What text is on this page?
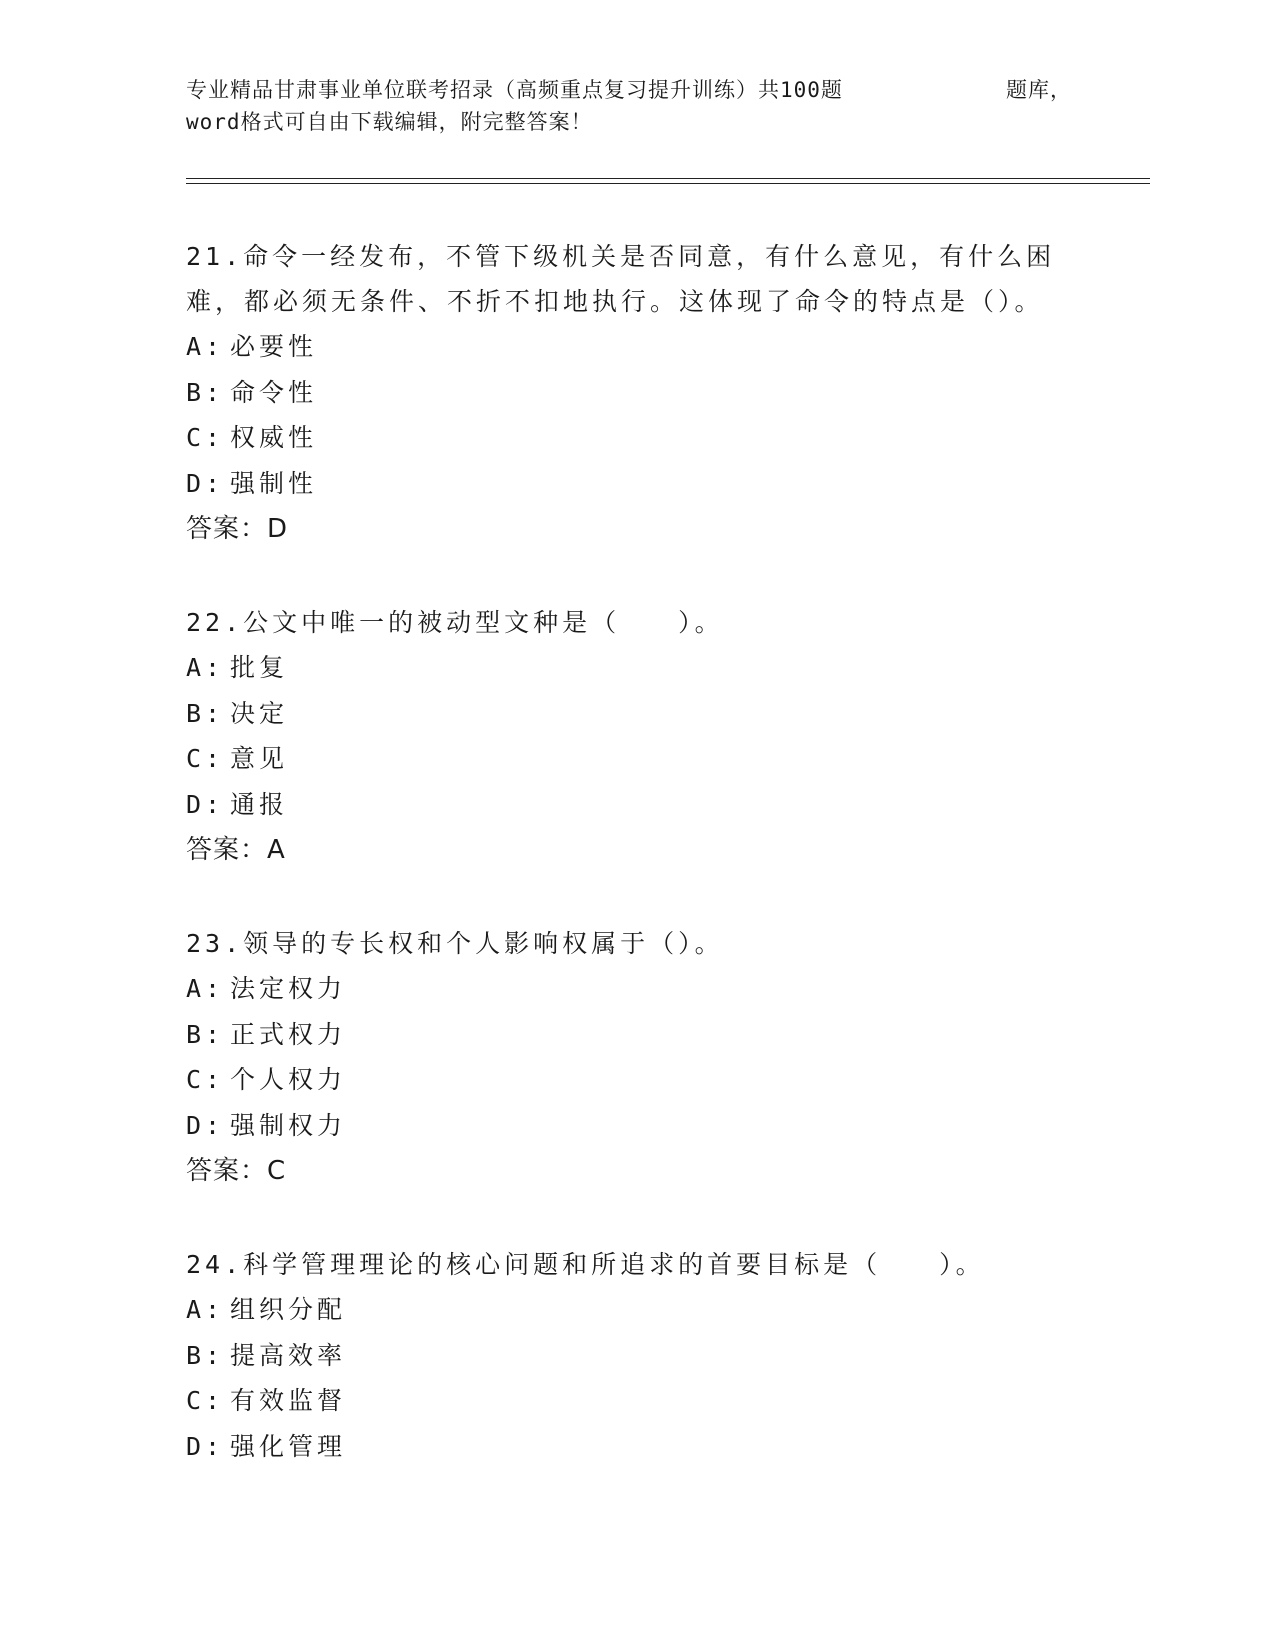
专业精品甘肃事业单位联考招录（高频重点复习提升训练）共100题
word格式可自由下载编辑，附完整答案！
题库，

21.命令一经发布，不管下级机关是否同意，有什么意见，有什么困难，都必须无条件、不折不扣地执行。这体现了命令的特点是（）。

A: 必要性
B: 命令性
C: 权威性
D: 强制性
答案：D

22.公文中唯一的被动型文种是（　　）。

A: 批复
B: 决定
C: 意见
D: 通报
答案：A

23.领导的专长权和个人影响权属于（）。

A: 法定权力
B: 正式权力
C: 个人权力
D: 强制权力
答案：C

24.科学管理理论的核心问题和所追求的首要目标是（　　）。

A: 组织分配
B: 提高效率
C: 有效监督
D: 强化管理
